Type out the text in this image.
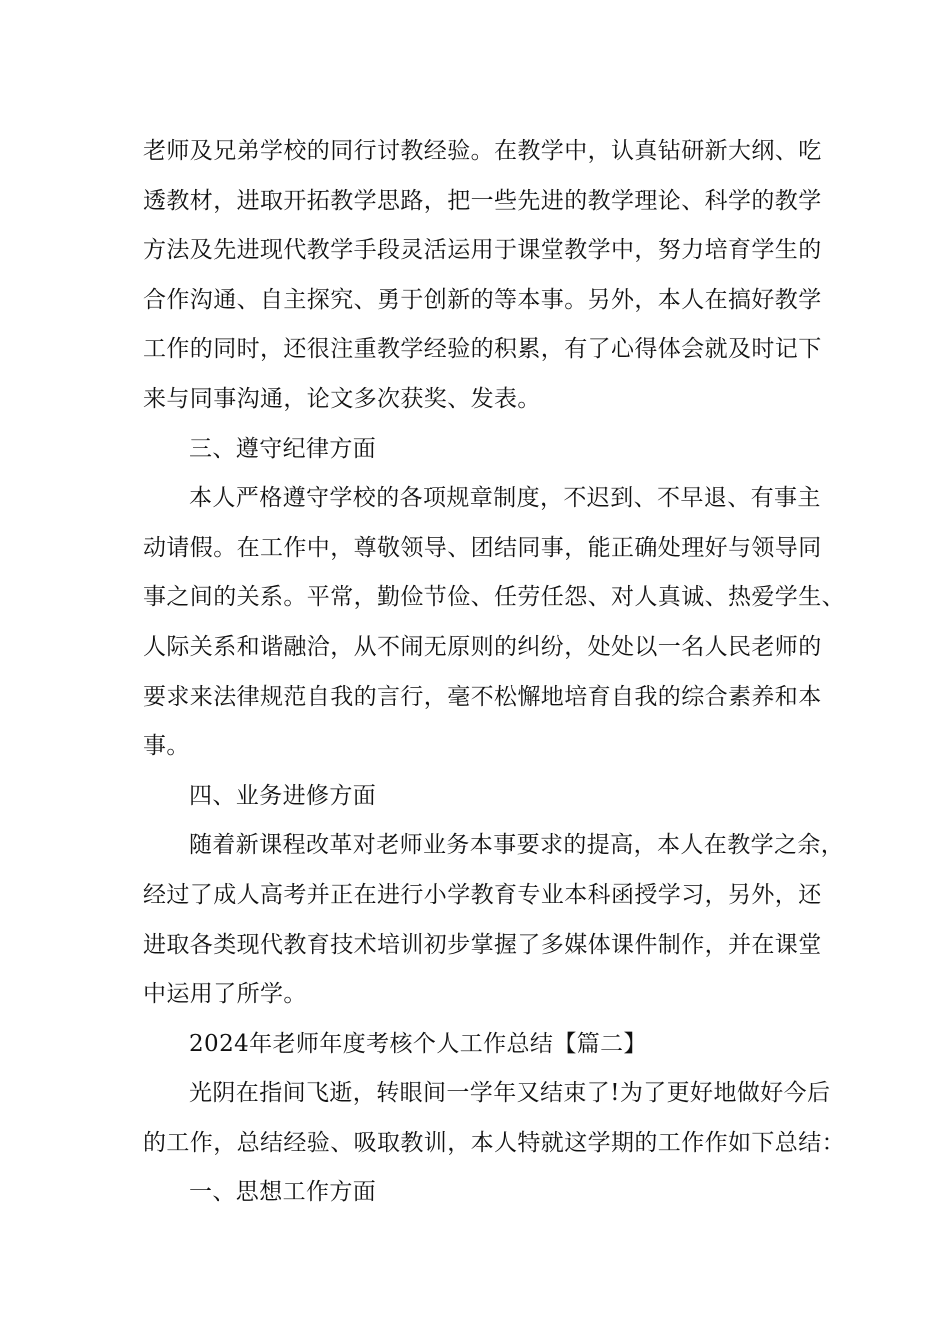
老师及兄弟学校的同行讨教经验。在教学中，认真钻研新大纲、吃
透教材，进取开拓教学思路，把一些先进的教学理论、科学的教学
方法及先进现代教学手段灵活运用于课堂教学中，努力培育学生的
合作沟通、自主探究、勇于创新的等本事。另外，本人在搞好教学
工作的同时，还很注重教学经验的积累，有了心得体会就及时记下
来与同事沟通，论文多次获奖、发表。
三、遵守纪律方面
本人严格遵守学校的各项规章制度，不迟到、不早退、有事主
动请假。在工作中，尊敬领导、团结同事，能正确处理好与领导同
事之间的关系。平常，勤俭节俭、任劳任怨、对人真诚、热爱学生、
人际关系和谐融洽，从不闹无原则的纠纷，处处以一名人民老师的
要求来法律规范自我的言行，毫不松懈地培育自我的综合素养和本
事。
四、业务进修方面
随着新课程改革对老师业务本事要求的提高，本人在教学之余，
经过了成人高考并正在进行小学教育专业本科函授学习，另外，还
进取各类现代教育技术培训初步掌握了多媒体课件制作，并在课堂
中运用了所学。
2024年老师年度考核个人工作总结【篇二】
光阴在指间飞逝，转眼间一学年又结束了!为了更好地做好今后
的工作，总结经验、吸取教训，本人特就这学期的工作作如下总结：
一、思想工作方面
